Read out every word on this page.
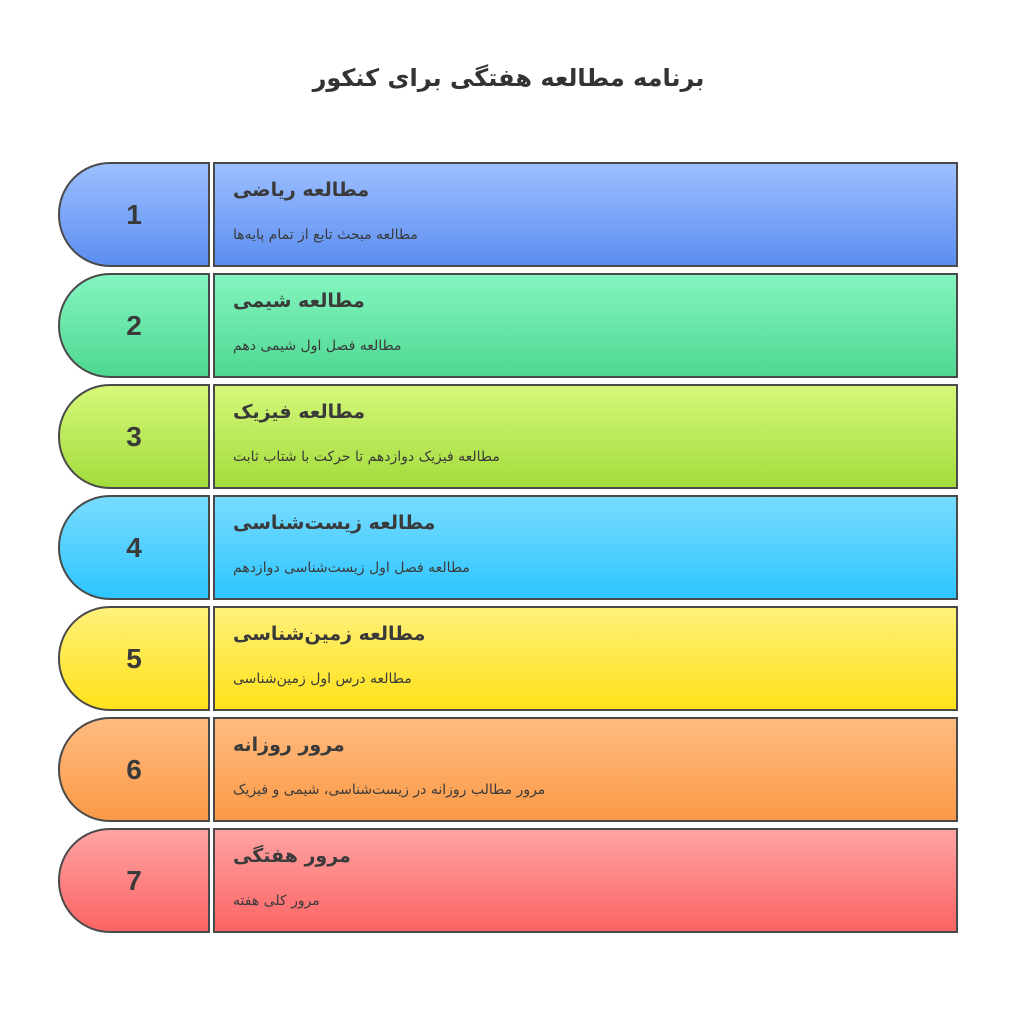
برنامه مطالعه هفتگی برای کنکور
1
مطالعه ریاضی
مطالعه مبحث تابع از تمام پایه‌ها
2
مطالعه شیمی
مطالعه فصل اول شیمی دهم
3
مطالعه فیزیک
مطالعه فیزیک دوازدهم تا حرکت با شتاب ثابت
4
مطالعه زیست‌شناسی
مطالعه فصل اول زیست‌شناسی دوازدهم
5
مطالعه زمین‌شناسی
مطالعه درس اول زمین‌شناسی
6
مرور روزانه
مرور مطالب روزانه در زیست‌شناسی، شیمی و فیزیک
7
مرور هفتگی
مرور کلی هفته
